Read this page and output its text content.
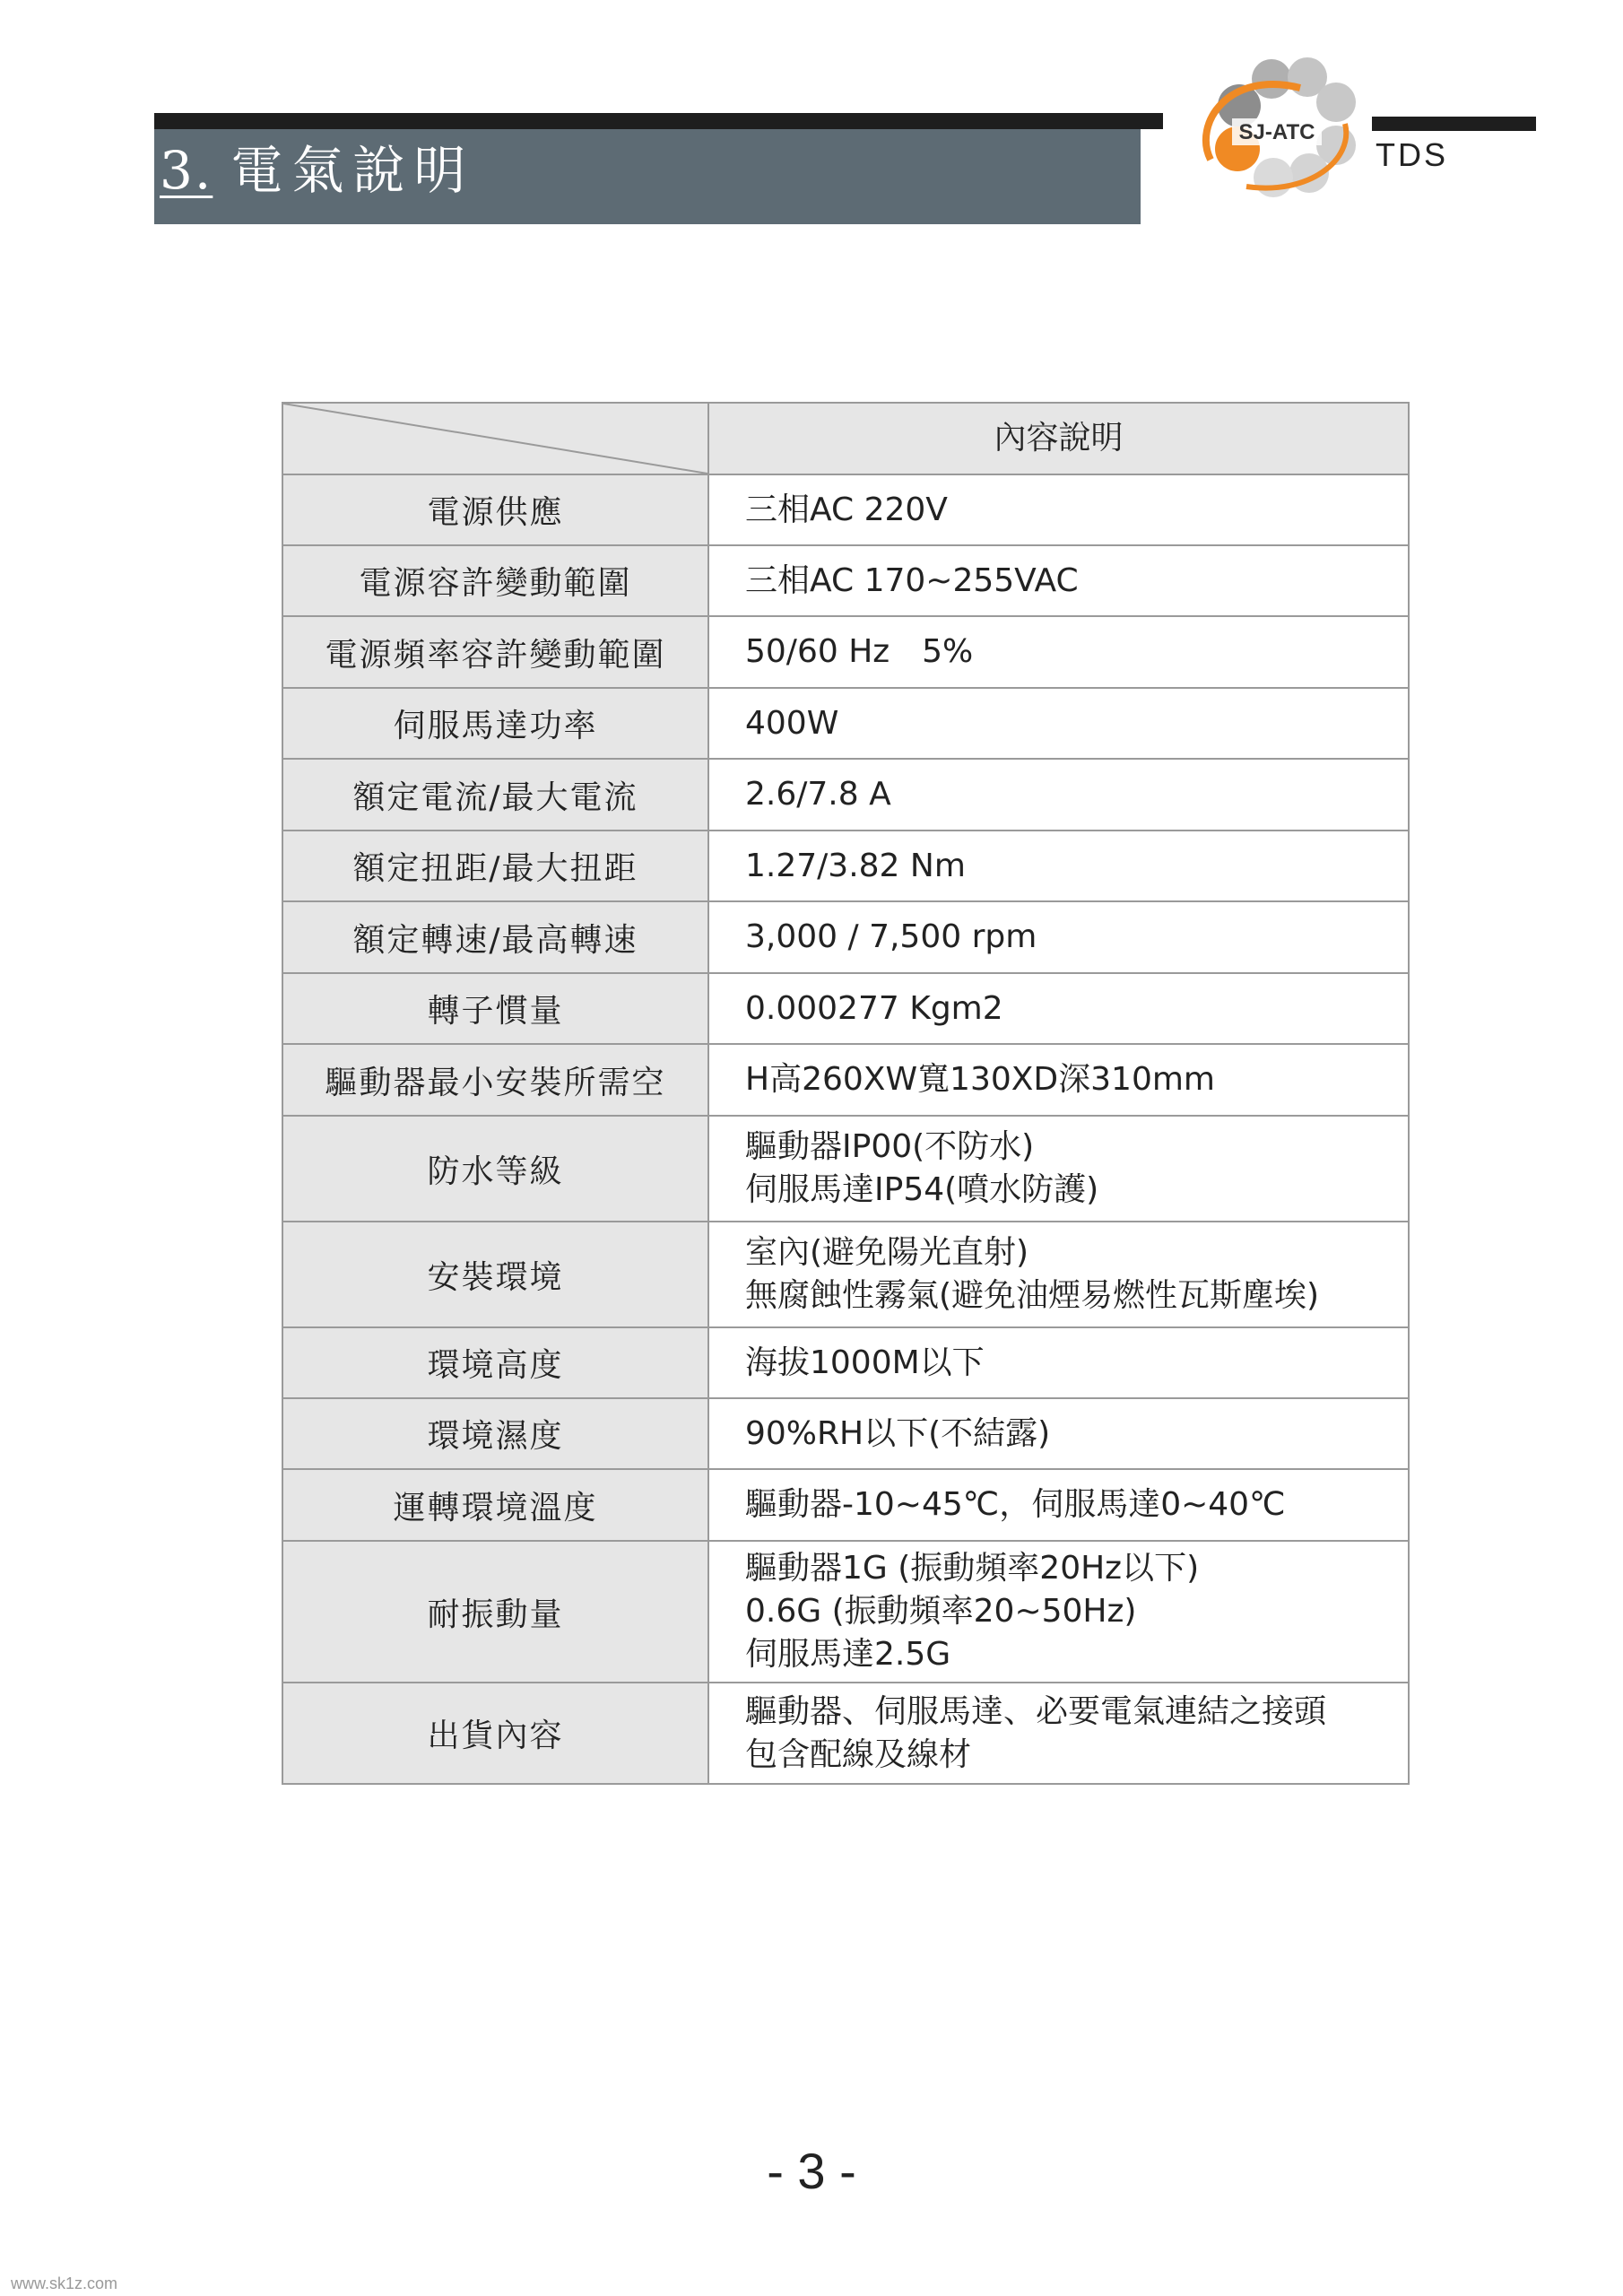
3. 電氣說明
SJ-ATC
TDS
	內容說明
電源供應	三相AC 220V

電源容許變動範圍	三相AC 170~255VAC

電源頻率容許變動範圍	50/60 Hz　5%

伺服馬達功率	400W

額定電流/最大電流	2.6/7.8 A

額定扭距/最大扭距	1.27/3.82 Nm

額定轉速/最高轉速	3,000 / 7,500 rpm

轉子慣量	0.000277 Kgm2

驅動器最小安裝所需空	H高260XW寬130XD深310mm

防水等級	驅動器IP00(不防水)
伺服馬達IP54(噴水防護)

安裝環境	室內(避免陽光直射)
無腐蝕性霧氣(避免油煙易燃性瓦斯塵埃)

環境高度	海拔1000M以下

環境濕度	90%RH以下(不結露)

運轉環境溫度	驅動器-10~45℃，伺服馬達0~40℃

耐振動量	驅動器1G (振動頻率20Hz以下)
0.6G (振動頻率20~50Hz)
伺服馬達2.5G

出貨內容	驅動器、伺服馬達、必要電氣連結之接頭
包含配線及線材
- 3 -
www.sk1z.com
